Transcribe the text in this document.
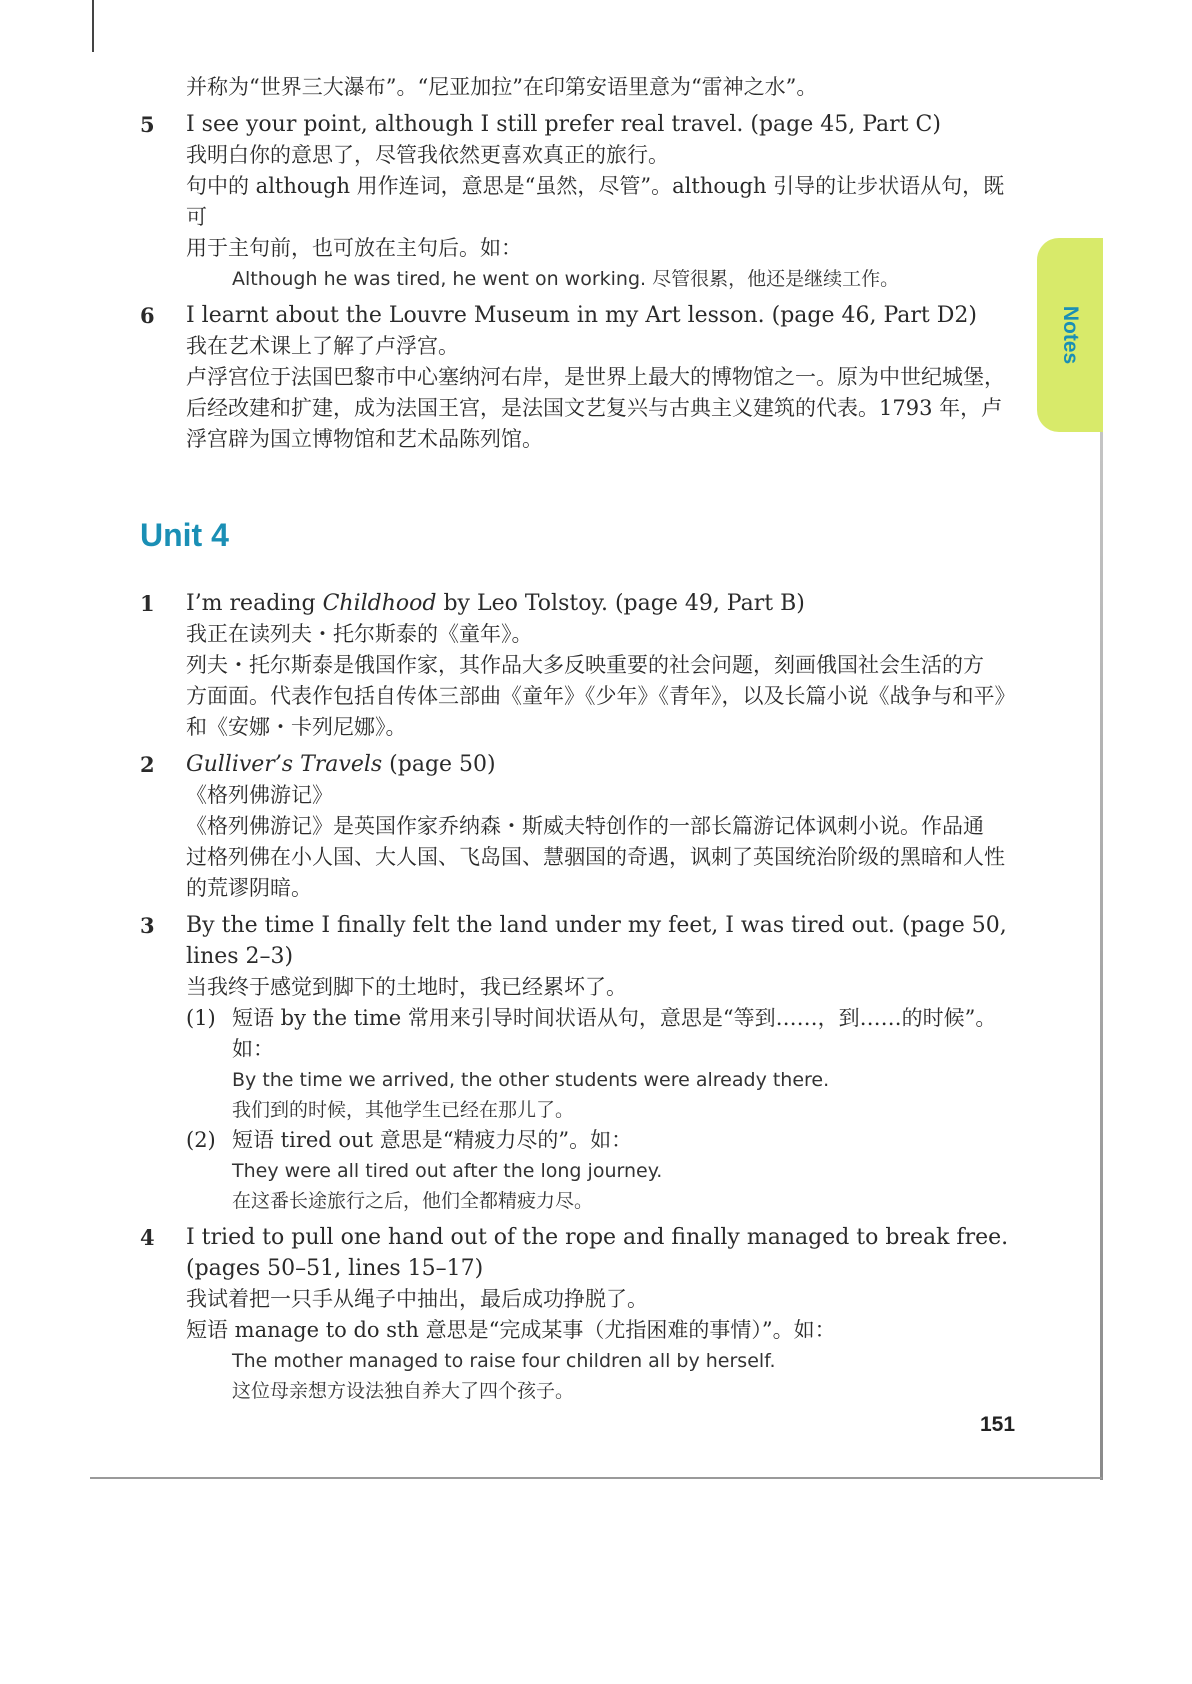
Notes
并称为“世界三大瀑布”。“尼亚加拉”在印第安语里意为“雷神之水”。
5	I see your point, although I still prefer real travel. (page 45, Part C)
我明白你的意思了，尽管我依然更喜欢真正的旅行。
句中的 although 用作连词，意思是“虽然，尽管”。although 引导的让步状语从句，既可
用于主句前，也可放在主句后。如：
Although he was tired, he went on working. 尽管很累，他还是继续工作。
6	I learnt about the Louvre Museum in my Art lesson. (page 46, Part D2)
我在艺术课上了解了卢浮宫。
卢浮宫位于法国巴黎市中心塞纳河右岸，是世界上最大的博物馆之一。原为中世纪城堡，
后经改建和扩建，成为法国王宫，是法国文艺复兴与古典主义建筑的代表。1793 年，卢
浮宫辟为国立博物馆和艺术品陈列馆。
Unit 4
1	I’m reading Childhood by Leo Tolstoy. (page 49, Part B)
我正在读列夫・托尔斯泰的《童年》。
列夫・托尔斯泰是俄国作家，其作品大多反映重要的社会问题，刻画俄国社会生活的方
方面面。代表作包括自传体三部曲《童年》《少年》《青年》，以及长篇小说《战争与和平》
和《安娜・卡列尼娜》。
2	Gulliver’s Travels (page 50)
《格列佛游记》
《格列佛游记》是英国作家乔纳森・斯威夫特创作的一部长篇游记体讽刺小说。作品通
过格列佛在小人国、大人国、飞岛国、慧骃国的奇遇，讽刺了英国统治阶级的黑暗和人性
的荒谬阴暗。
3	By the time I finally felt the land under my feet, I was tired out. (page 50,
lines 2–3)
当我终于感觉到脚下的土地时，我已经累坏了。
(1) 短语 by the time 常用来引导时间状语从句，意思是“等到……，到……的时候”。如：
By the time we arrived, the other students were already there.
我们到的时候，其他学生已经在那儿了。
(2) 短语 tired out 意思是“精疲力尽的”。如：
They were all tired out after the long journey.
在这番长途旅行之后，他们全都精疲力尽。
4	I tried to pull one hand out of the rope and finally managed to break free.
(pages 50–51, lines 15–17)
我试着把一只手从绳子中抽出，最后成功挣脱了。
短语 manage to do sth 意思是“完成某事（尤指困难的事情）”。如：
The mother managed to raise four children all by herself.
这位母亲想方设法独自养大了四个孩子。
151
